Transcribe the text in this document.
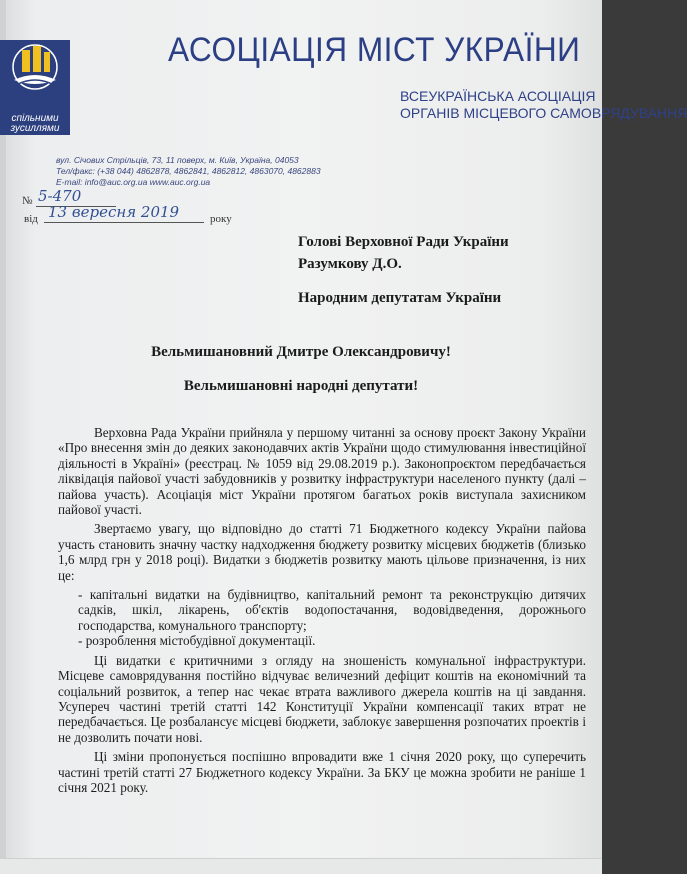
спільними
зусиллями
АСОЦІАЦІЯ МІСТ УКРАЇНИ
ВСЕУКРАЇНСЬКА АСОЦІАЦІЯ
ОРГАНІВ МІСЦЕВОГО САМОВРЯДУВАННЯ
вул. Січових Стрільців, 73, 11 поверх, м. Київ, Україна, 04053
Тел/факс: (+38 044) 4862878, 4862841, 4862812, 4863070, 4862883
E-mail: info@auc.org.ua www.auc.org.ua
№ 5-470
від 13 вересня 2019	року
Голові Верховної Ради України
Разумкову Д.О.
Народним депутатам України
Вельмишановний Дмитре Олександровичу!
Вельмишановні народні депутати!

Верховна Рада України прийняла у першому читанні за основу проєкт Закону України «Про внесення змін до деяких законодавчих актів України щодо стимулювання інвестиційної діяльності в Україні» (реєстрац. № 1059 від 29.08.2019 р.). Законопроєктом передбачається ліквідація пайової участі забудовників у розвитку інфраструктури населеного пункту (далі – пайова участь). Асоціація міст України протягом багатьох років виступала захисником пайової участі.

Звертаємо увагу, що відповідно до статті 71 Бюджетного кодексу України пайова участь становить значну частку надходження бюджету розвитку місцевих бюджетів (близько 1,6 млрд грн у 2018 році). Видатки з бюджетів розвитку мають цільове призначення, із них це:

- капітальні видатки на будівництво, капітальний ремонт та реконструкцію дитячих садків, шкіл, лікарень, об'єктів водопостачання, водовідведення, дорожнього господарства, комунального транспорту;

- розроблення містобудівної документації.

Ці видатки є критичними з огляду на зношеність комунальної інфраструктури. Місцеве самоврядування постійно відчуває величезний дефіцит коштів на економічний та соціальний розвиток, а тепер нас чекає втрата важливого джерела коштів на ці завдання. Усупереч частині третій статті 142 Конституції України компенсації таких втрат не передбачається. Це розбалансує місцеві бюджети, заблокує завершення розпочатих проектів і не дозволить почати нові.

Ці зміни пропонується поспішно впровадити вже 1 січня 2020 року, що суперечить частині третій статті 27 Бюджетного кодексу України. За БКУ це можна зробити не раніше 1 січня 2021 року.
